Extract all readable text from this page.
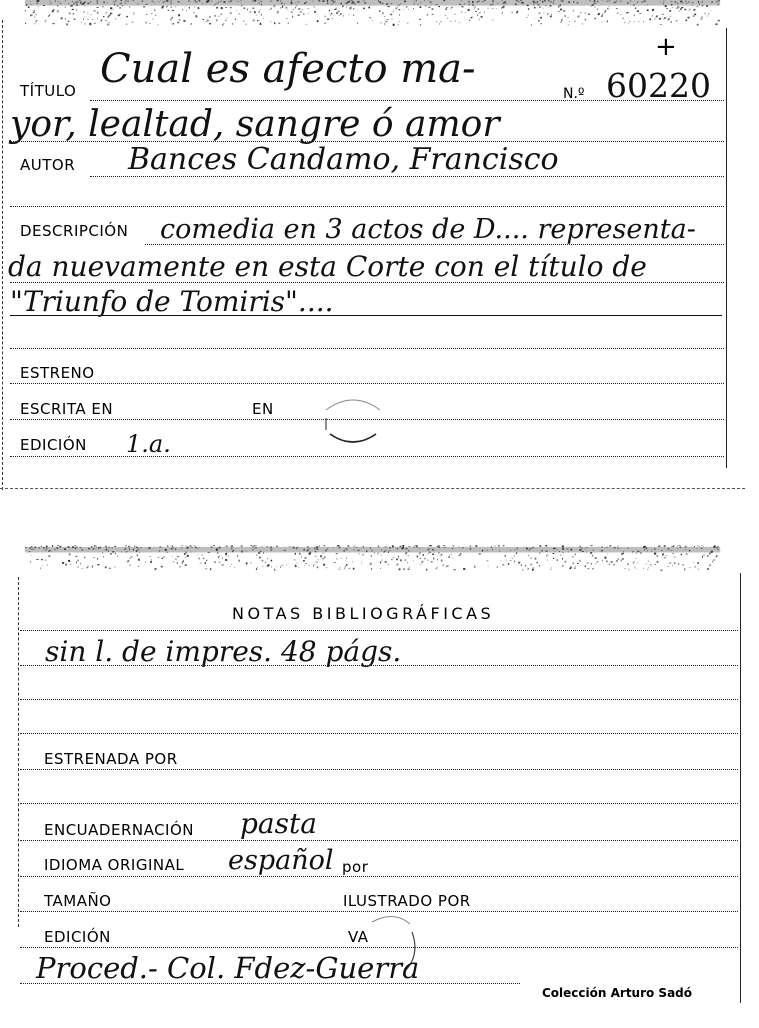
+
TÍTULO Cual es afecto ma-
N.º 60220
yor, lealtad, sangre ó amor
AUTOR Bances Candamo, Francisco
DESCRIPCIÓN comedia en 3 actos de D.... representa-
da nuevamente en esta Corte con el título de
"Triunfo de Tomiris"....
ESTRENO
ESCRITA EN	EN
EDICIÓN 1.a.
NOTAS BIBLIOGRÁFICAS
sin l. de impres. 48 págs.
ESTRENADA POR
ENCUADERNACIÓN pasta
IDIOMA ORIGINAL español por
TAMAÑO	ILUSTRADO POR
EDICIÓN	VA
Proced.- Col. Fdez-Guerra
Colección Arturo Sadó
